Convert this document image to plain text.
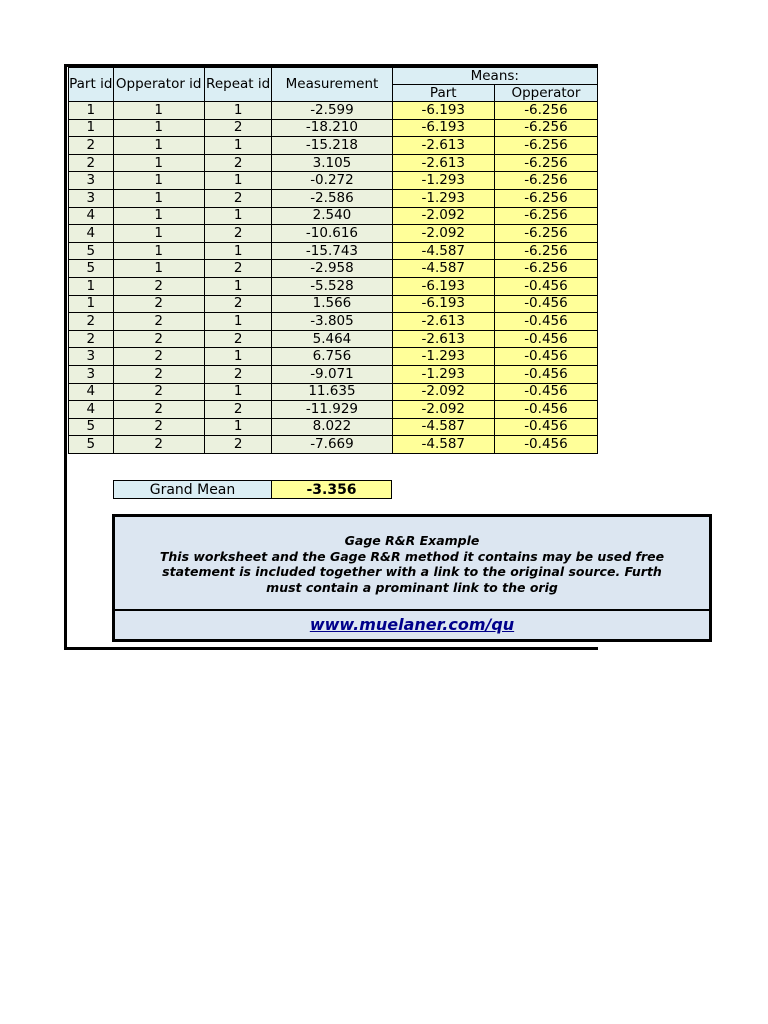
Part id	Opperator id	Repeat id	Measurement	Means:	
				Part	Opperator
1	1	1	-2.599	-6.193	-6.256
1	1	2	-18.210	-6.193	-6.256
2	1	1	-15.218	-2.613	-6.256
2	1	2	3.105	-2.613	-6.256
3	1	1	-0.272	-1.293	-6.256
3	1	2	-2.586	-1.293	-6.256
4	1	1	2.540	-2.092	-6.256
4	1	2	-10.616	-2.092	-6.256
5	1	1	-15.743	-4.587	-6.256
5	1	2	-2.958	-4.587	-6.256
1	2	1	-5.528	-6.193	-0.456
1	2	2	1.566	-6.193	-0.456
2	2	1	-3.805	-2.613	-0.456
2	2	2	5.464	-2.613	-0.456
3	2	1	6.756	-1.293	-0.456
3	2	2	-9.071	-1.293	-0.456
4	2	1	11.635	-2.092	-0.456
4	2	2	-11.929	-2.092	-0.456
5	2	1	8.022	-4.587	-0.456
5	2	2	-7.669	-4.587	-0.456
Grand Mean	-3.356
Gage R&R Example
This worksheet and the Gage R&R method it contains may be used free
statement is included together with a link to the original source. Furth
must contain a prominant link to the orig
www.muelaner.com/qu
